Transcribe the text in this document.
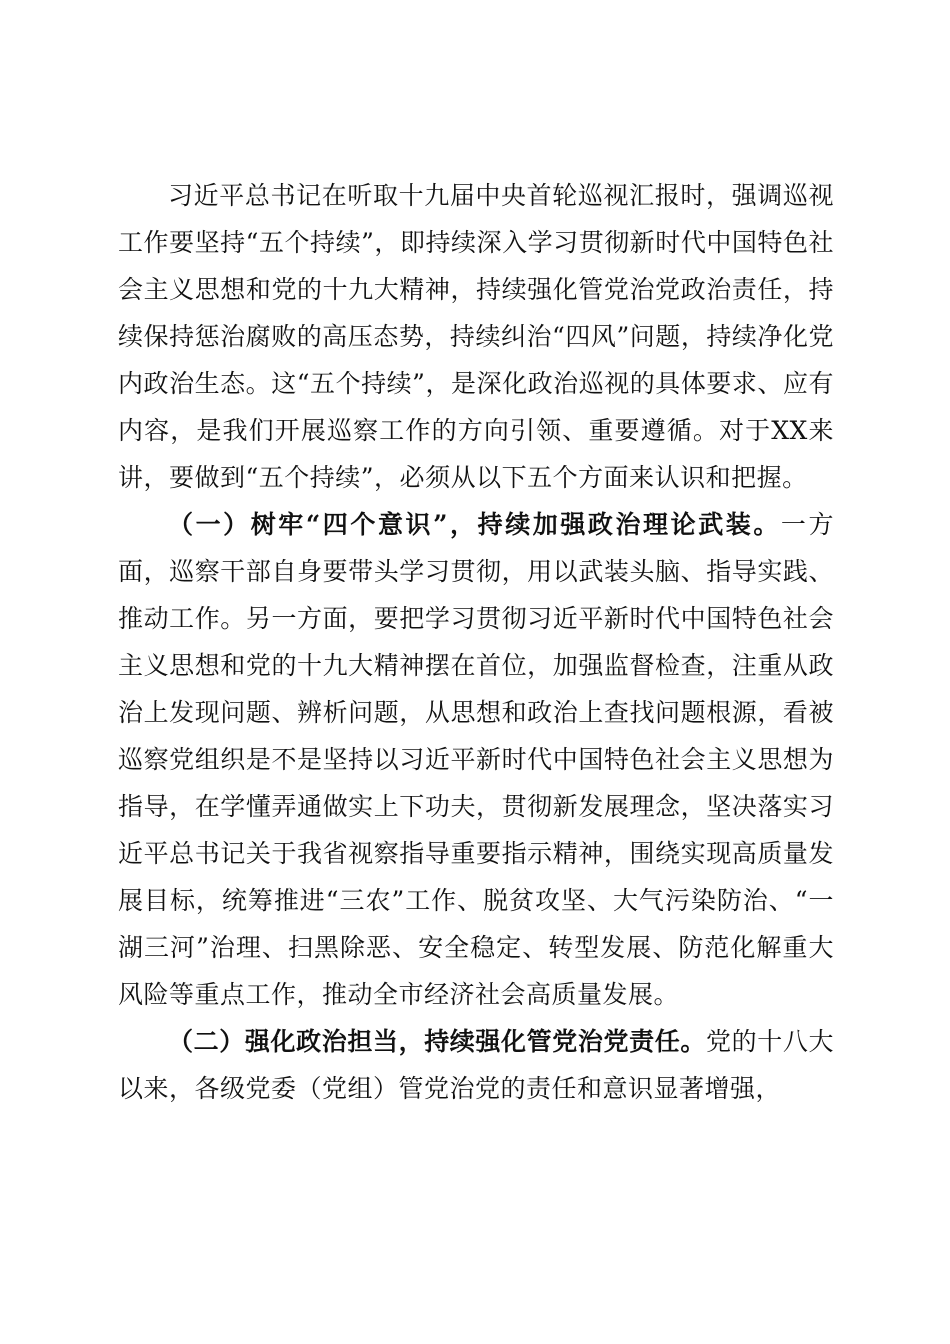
习近平总书记在听取十九届中央首轮巡视汇报时，强调巡视工作要坚持“五个持续”，即持续深入学习贯彻新时代中国特色社会主义思想和党的十九大精神，持续强化管党治党政治责任，持续保持惩治腐败的高压态势，持续纠治“四风”问题，持续净化党内政治生态。这“五个持续”，是深化政治巡视的具体要求、应有内容，是我们开展巡察工作的方向引领、重要遵循。对于XX来讲，要做到“五个持续”，必须从以下五个方面来认识和把握。

（一）树牢“四个意识”，持续加强政治理论武装。一方面，巡察干部自身要带头学习贯彻，用以武装头脑、指导实践、推动工作。另一方面，要把学习贯彻习近平新时代中国特色社会主义思想和党的十九大精神摆在首位，加强监督检查，注重从政治上发现问题、辨析问题，从思想和政治上查找问题根源，看被巡察党组织是不是坚持以习近平新时代中国特色社会主义思想为指导，在学懂弄通做实上下功夫，贯彻新发展理念，坚决落实习近平总书记关于我省视察指导重要指示精神，围绕实现高质量发展目标，统筹推进“三农”工作、脱贫攻坚、大气污染防治、“一湖三河”治理、扫黑除恶、安全稳定、转型发展、防范化解重大风险等重点工作，推动全市经济社会高质量发展。

（二）强化政治担当，持续强化管党治党责任。党的十八大以来，各级党委（党组）管党治党的责任和意识显著增强，
